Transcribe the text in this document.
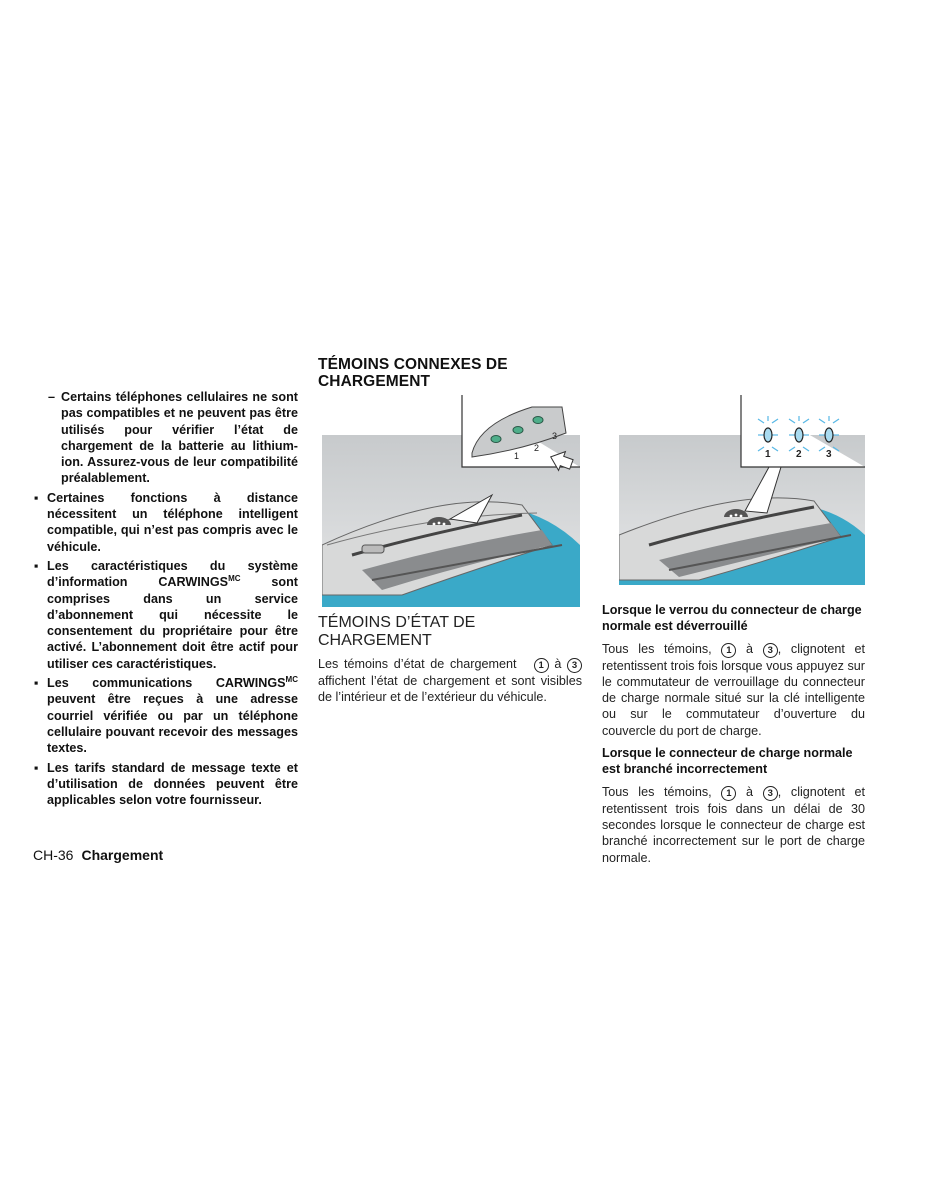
– Certains téléphones cellulaires ne sont pas compatibles et ne peuvent pas être utilisés pour vérifier l’état de chargement de la batterie au lithium-ion. Assurez-vous de leur compatibilité préalablement.

▪ Certaines fonctions à distance nécessitent un téléphone intelligent compatible, qui n’est pas compris avec le véhicule.

▪ Les caractéristiques du système d’information $CARWINGS^{MC}$ sont comprises dans un service d’abonnement qui nécessite le consentement du propriétaire pour être activé. L’abonnement doit être actif pour utiliser ces caractéristiques.

▪ Les communications $CARWINGS^{MC}$ peuvent être reçues à une adresse courriel vérifiée ou par un téléphone cellulaire pouvant recevoir des messages textes.

▪ Les tarifs standard de message texte et d’utilisation de données peuvent être applicables selon votre fournisseur.

TÉMOINS CONNEXES DE CHARGEMENT
1
2
3
TÉMOINS D’ÉTAT DE CHARGEMENT

Les témoins d’état de chargement 1 à 3 affichent l’état de chargement et sont visibles de l’intérieur et de l’extérieur du véhicule.

1	2 3

Lorsque le verrou du connecteur de charge normale est déverrouillé

Tous les témoins, 1 à 3 , clignotent et retentissent trois fois lorsque vous appuyez sur le commutateur de verrouillage du connecteur de charge normale situé sur la clé intelligente ou sur le commutateur d’ouverture du couvercle du port de charge.

Lorsque le connecteur de charge normale est branché incorrectement

Tous les témoins, 1 à 3 , clignotent et retentissent trois fois dans un délai de 30 secondes lorsque le connecteur de charge est branché incorrectement sur le port de charge normale.

CH-36 Chargement
